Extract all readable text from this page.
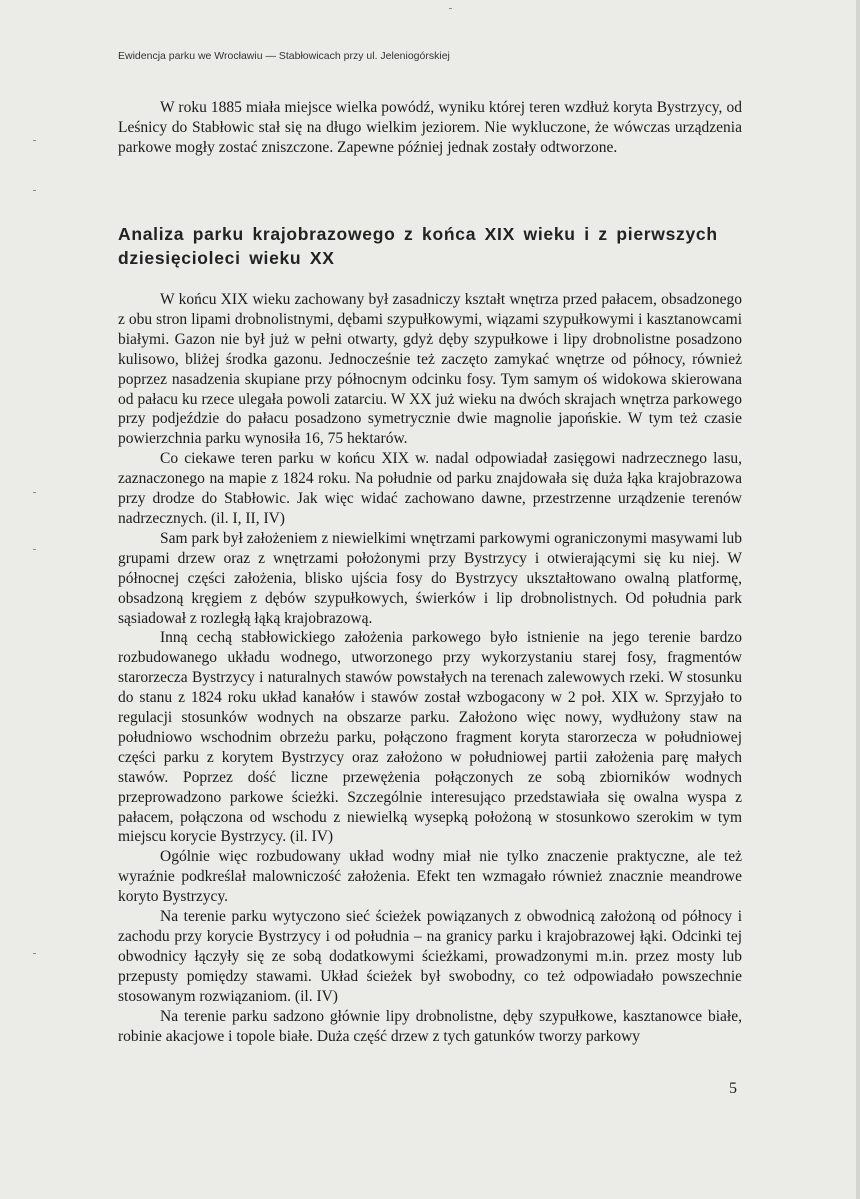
Ewidencja parku we Wrocławiu — Stabłowicach przy ul. Jeleniogórskiej

W roku 1885 miała miejsce wielka powódź, wyniku której teren wzdłuż koryta Bystrzycy, od Leśnicy do Stabłowic stał się na długo wielkim jeziorem. Nie wykluczone, że wówczas urządzenia parkowe mogły zostać zniszczone. Zapewne później jednak zostały odtworzone.

Analiza parku krajobrazowego z końca XIX wieku i z pierwszych dziesięcioleci wieku XX

W końcu XIX wieku zachowany był zasadniczy kształt wnętrza przed pałacem, obsadzonego z obu stron lipami drobnolistnymi, dębami szypułkowymi, wiązami szypułkowymi i kasztanowcami białymi. Gazon nie był już w pełni otwarty, gdyż dęby szypułkowe i lipy drobnolistne posadzono kulisowo, bliżej środka gazonu. Jednocześnie też zaczęto zamykać wnętrze od północy, również poprzez nasadzenia skupiane przy północnym odcinku fosy. Tym samym oś widokowa skierowana od pałacu ku rzece ulegała powoli zatarciu. W XX już wieku na dwóch skrajach wnętrza parkowego przy podjeździe do pałacu posadzono symetrycznie dwie magnolie japońskie. W tym też czasie powierzchnia parku wynosiła 16, 75 hektarów.

Co ciekawe teren parku w końcu XIX w. nadal odpowiadał zasięgowi nadrzecznego lasu, zaznaczonego na mapie z 1824 roku. Na południe od parku znajdowała się duża łąka krajobrazowa przy drodze do Stabłowic. Jak więc widać zachowano dawne, przestrzenne urządzenie terenów nadrzecznych. (il. I, II, IV)

Sam park był założeniem z niewielkimi wnętrzami parkowymi ograniczonymi masywami lub grupami drzew oraz z wnętrzami położonymi przy Bystrzycy i otwierającymi się ku niej. W północnej części założenia, blisko ujścia fosy do Bystrzycy ukształtowano owalną platformę, obsadzoną kręgiem z dębów szypułkowych, świerków i lip drobnolistnych. Od południa park sąsiadował z rozległą łąką krajobrazową.

Inną cechą stabłowickiego założenia parkowego było istnienie na jego terenie bardzo rozbudowanego układu wodnego, utworzonego przy wykorzystaniu starej fosy, fragmentów starorzecza Bystrzycy i naturalnych stawów powstałych na terenach zalewowych rzeki. W stosunku do stanu z 1824 roku układ kanałów i stawów został wzbogacony w 2 poł. XIX w. Sprzyjało to regulacji stosunków wodnych na obszarze parku. Założono więc nowy, wydłużony staw na południowo wschodnim obrzeżu parku, połączono fragment koryta starorzecza w południowej części parku z korytem Bystrzycy oraz założono w południowej partii założenia parę małych stawów. Poprzez dość liczne przewężenia połączonych ze sobą zbiorników wodnych przeprowadzono parkowe ścieżki. Szczególnie interesująco przedstawiała się owalna wyspa z pałacem, połączona od wschodu z niewielką wysepką położoną w stosunkowo szerokim w tym miejscu korycie Bystrzycy. (il. IV)

Ogólnie więc rozbudowany układ wodny miał nie tylko znaczenie praktyczne, ale też wyraźnie podkreślał malowniczość założenia. Efekt ten wzmagało również znacznie meandrowe koryto Bystrzycy.

Na terenie parku wytyczono sieć ścieżek powiązanych z obwodnicą założoną od północy i zachodu przy korycie Bystrzycy i od południa – na granicy parku i krajobrazowej łąki. Odcinki tej obwodnicy łączyły się ze sobą dodatkowymi ścieżkami, prowadzonymi m.in. przez mosty lub przepusty pomiędzy stawami. Układ ścieżek był swobodny, co też odpowiadało powszechnie stosowanym rozwiązaniom. (il. IV)

Na terenie parku sadzono głównie lipy drobnolistne, dęby szypułkowe, kasztanowce białe, robinie akacjowe i topole białe. Duża część drzew z tych gatunków tworzy parkowy

5
